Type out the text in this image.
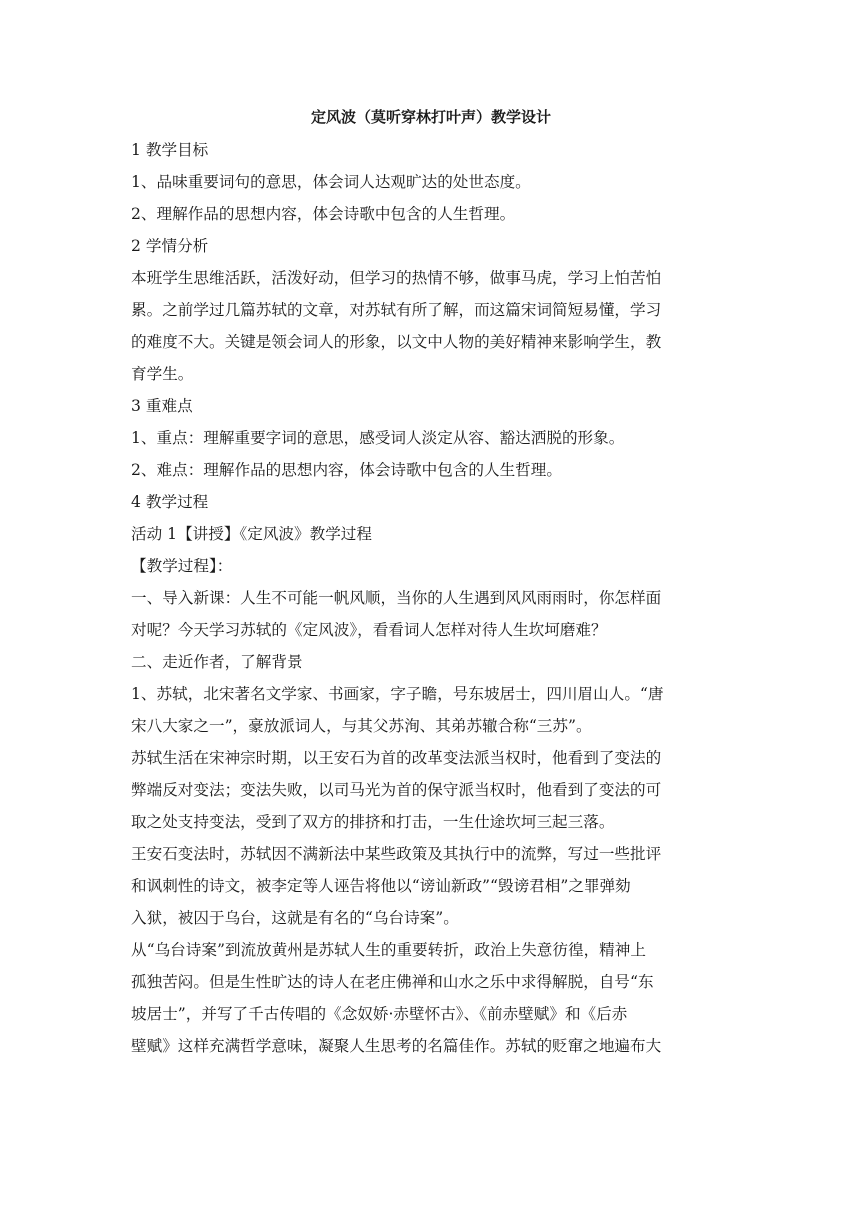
定风波（莫听穿林打叶声）教学设计

1 教学目标

1、品味重要词句的意思，体会词人达观旷达的处世态度。

2、理解作品的思想内容，体会诗歌中包含的人生哲理。

2 学情分析

本班学生思维活跃，活泼好动，但学习的热情不够，做事马虎，学习上怕苦怕

累。之前学过几篇苏轼的文章，对苏轼有所了解，而这篇宋词简短易懂，学习

的难度不大。关键是领会词人的形象，以文中人物的美好精神来影响学生，教

育学生。

3 重难点

1、重点：理解重要字词的意思，感受词人淡定从容、豁达洒脱的形象。

2、难点：理解作品的思想内容，体会诗歌中包含的人生哲理。

4 教学过程

活动 1【讲授】《定风波》教学过程

【教学过程】：

一、导入新课：人生不可能一帆风顺，当你的人生遇到风风雨雨时，你怎样面

对呢？今天学习苏轼的《定风波》，看看词人怎样对待人生坎坷磨难？

二、走近作者，了解背景

1、苏轼，北宋著名文学家、书画家，字子瞻，号东坡居士，四川眉山人。“唐

宋八大家之一”，豪放派词人，与其父苏洵、其弟苏辙合称“三苏”。

苏轼生活在宋神宗时期，以王安石为首的改革变法派当权时，他看到了变法的

弊端反对变法；变法失败，以司马光为首的保守派当权时，他看到了变法的可

取之处支持变法，受到了双方的排挤和打击，一生仕途坎坷三起三落。

王安石变法时，苏轼因不满新法中某些政策及其执行中的流弊，写过一些批评

和讽刺性的诗文，被李定等人诬告将他以“谤讪新政”“毁谤君相”之罪弹劾

入狱，被囚于乌台，这就是有名的“乌台诗案”。

从“乌台诗案”到流放黄州是苏轼人生的重要转折，政治上失意彷徨，精神上

孤独苦闷。但是生性旷达的诗人在老庄佛禅和山水之乐中求得解脱，自号“东

坡居士”，并写了千古传唱的《念奴娇·赤壁怀古》、《前赤壁赋》和《后赤

壁赋》这样充满哲学意味，凝聚人生思考的名篇佳作。苏轼的贬窜之地遍布大
